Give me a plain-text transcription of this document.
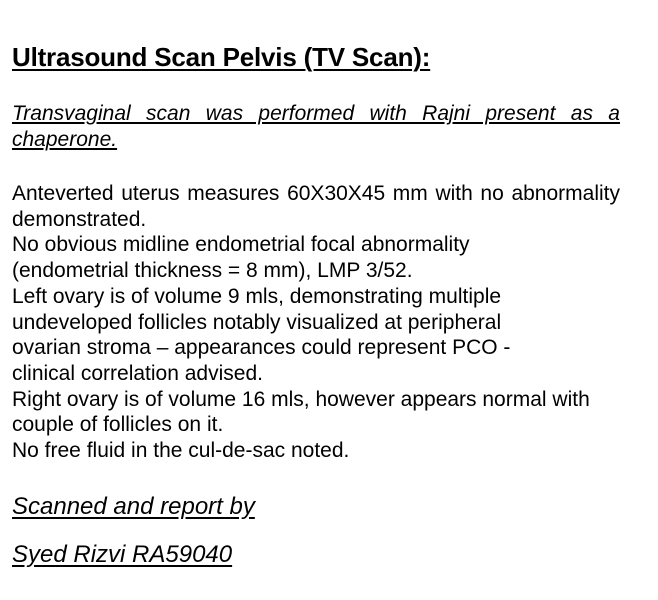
Ultrasound Scan Pelvis (TV Scan):

Transvaginal scan was performed with Rajni present as a chaperone.

Anteverted uterus measures 60X30X45 mm with no abnormality demonstrated.

No obvious midline endometrial focal abnormality (endometrial thickness = 8 mm), LMP 3/52.

Left ovary is of volume 9 mls, demonstrating multiple undeveloped follicles notably visualized at peripheral ovarian stroma – appearances could represent PCO - clinical correlation advised.

Right ovary is of volume 16 mls, however appears normal with couple of follicles on it.

No free fluid in the cul-de-sac noted.

Scanned and report by

Syed Rizvi RA59040
